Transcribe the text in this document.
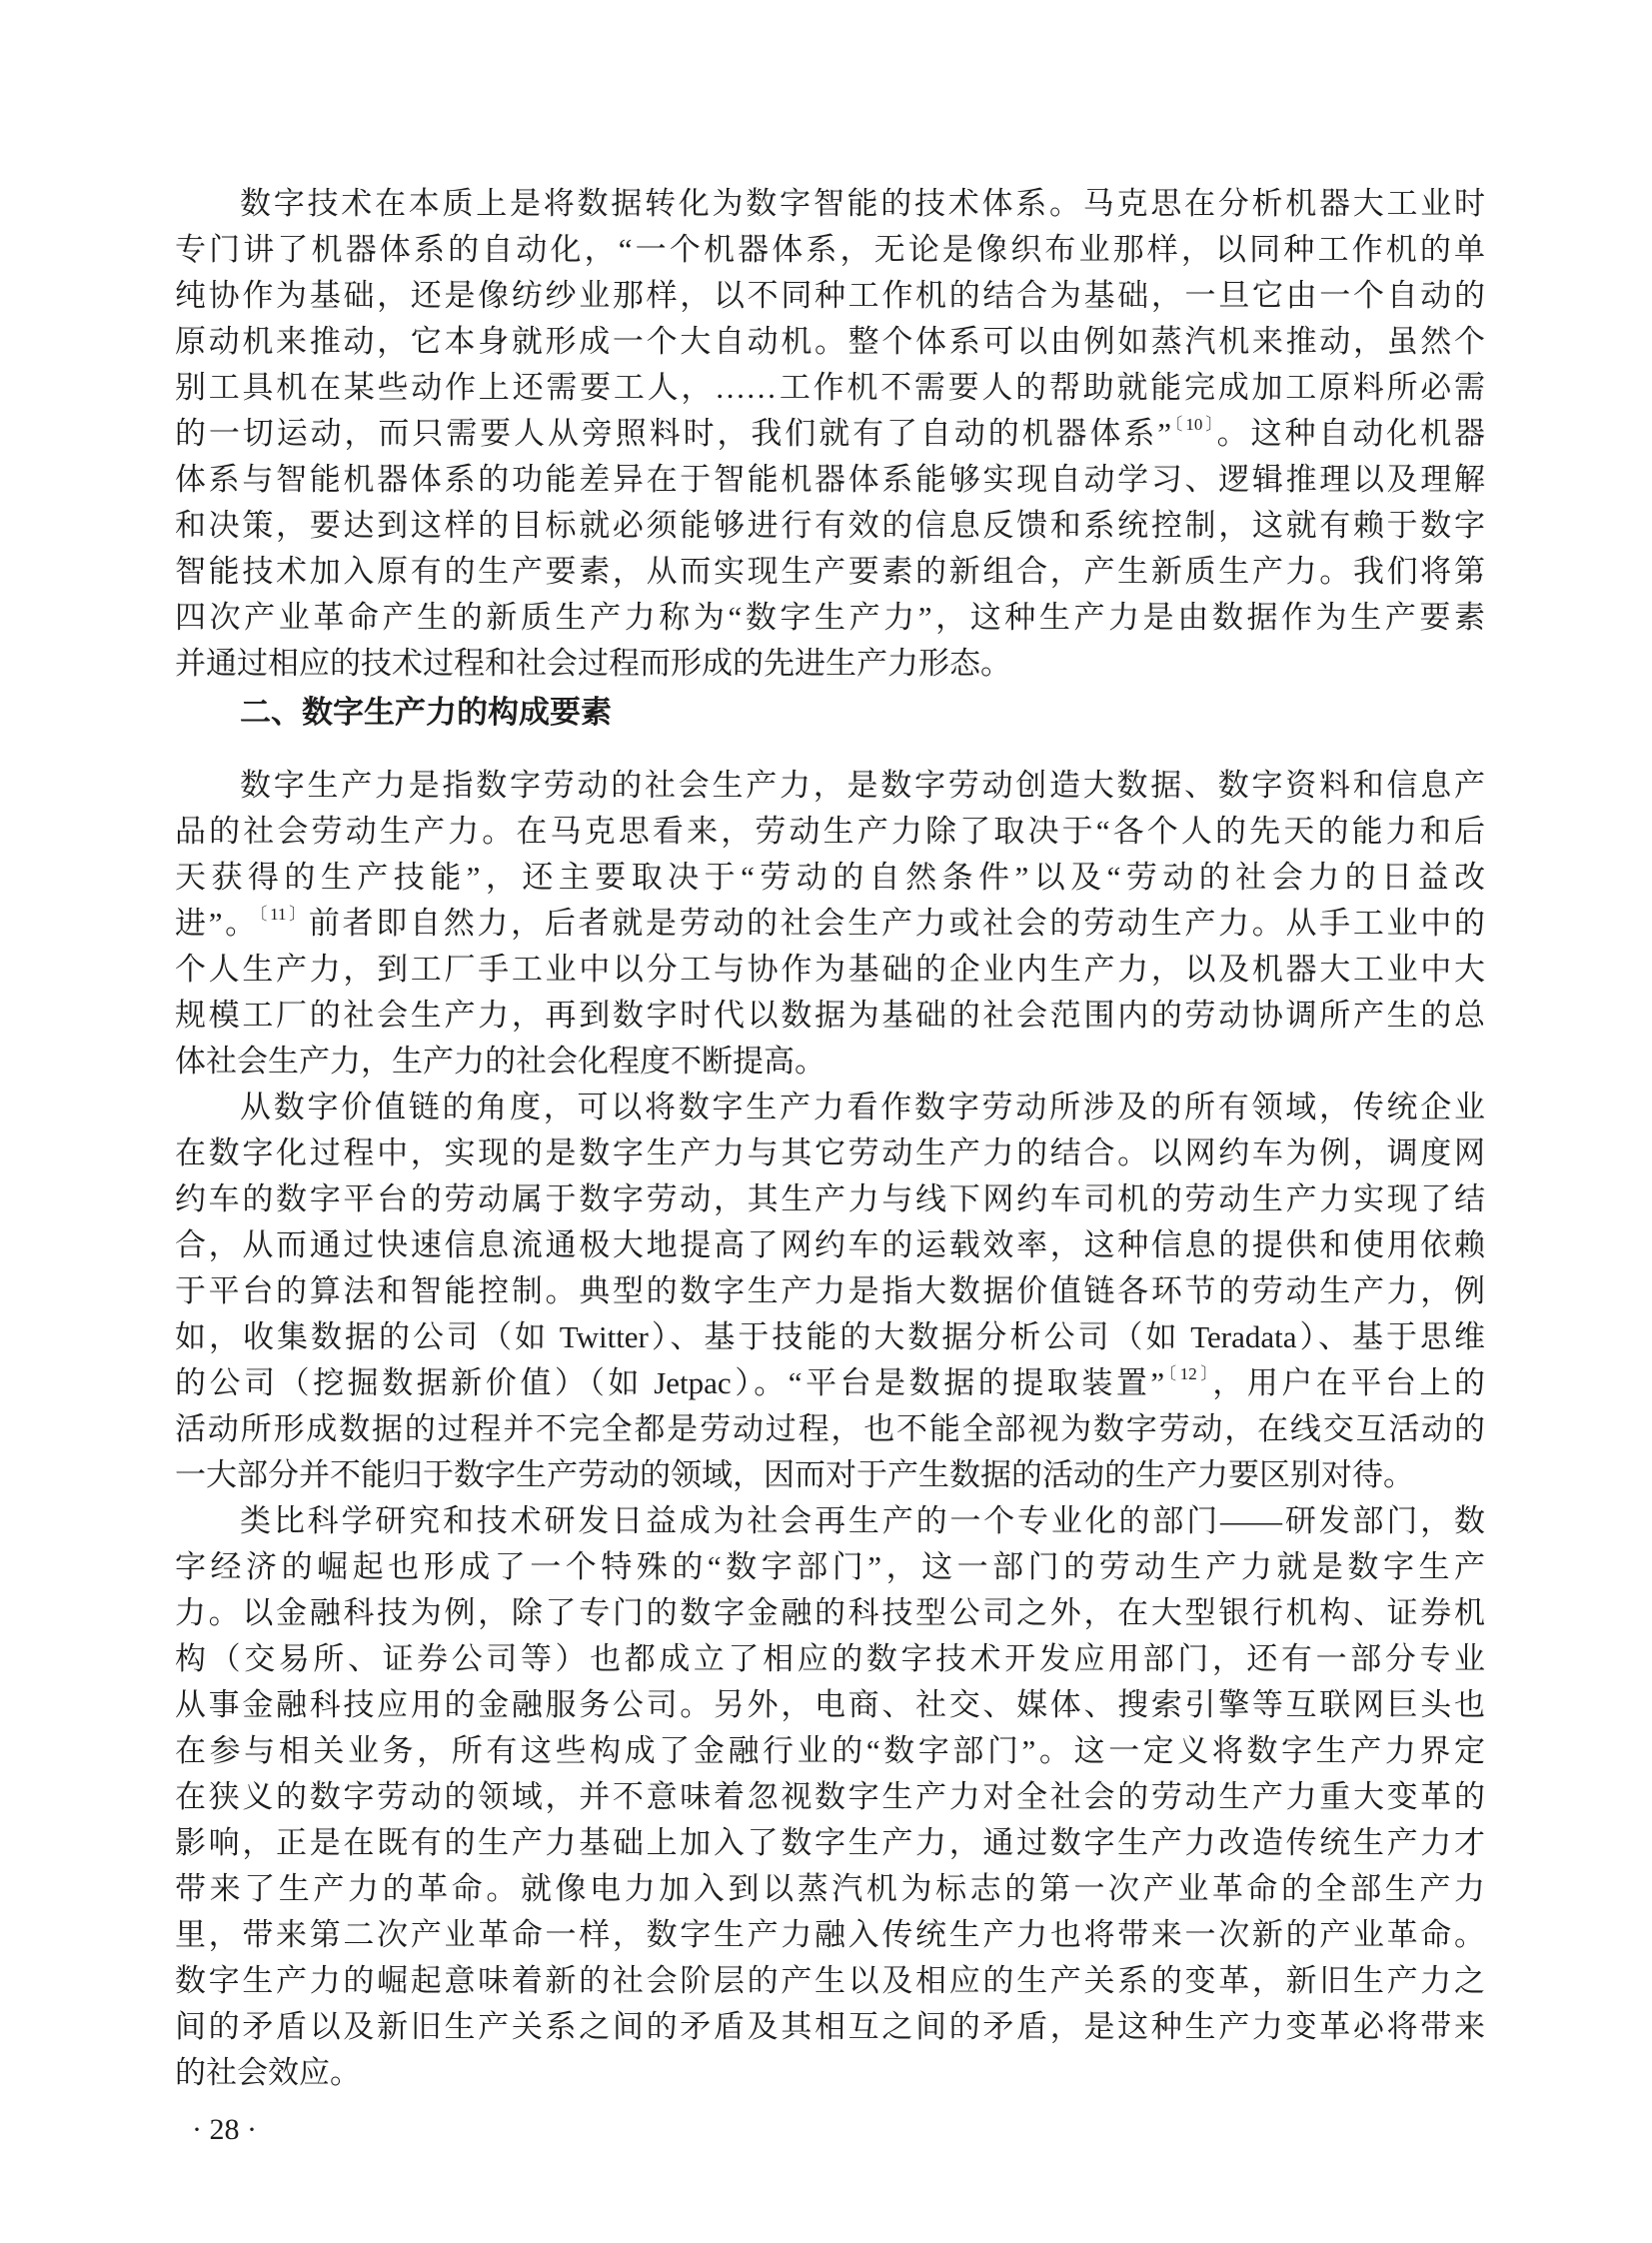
数字技术在本质上是将数据转化为数字智能的技术体系。马克思在分析机器大工业时
专门讲了机器体系的自动化，“一个机器体系，无论是像织布业那样，以同种工作机的单
纯协作为基础，还是像纺纱业那样，以不同种工作机的结合为基础，一旦它由一个自动的
原动机来推动，它本身就形成一个大自动机。整个体系可以由例如蒸汽机来推动，虽然个
别工具机在某些动作上还需要工人，……工作机不需要人的帮助就能完成加工原料所必需
的一切运动，而只需要人从旁照料时，我们就有了自动的机器体系”$^{〔10〕}$。这种自动化机器
体系与智能机器体系的功能差异在于智能机器体系能够实现自动学习、逻辑推理以及理解
和决策，要达到这样的目标就必须能够进行有效的信息反馈和系统控制，这就有赖于数字
智能技术加入原有的生产要素，从而实现生产要素的新组合，产生新质生产力。我们将第
四次产业革命产生的新质生产力称为“数字生产力”，这种生产力是由数据作为生产要素
并通过相应的技术过程和社会过程而形成的先进生产力形态。
二、数字生产力的构成要素
数字生产力是指数字劳动的社会生产力，是数字劳动创造大数据、数字资料和信息产
品的社会劳动生产力。在马克思看来，劳动生产力除了取决于“各个人的先天的能力和后
天获得的生产技能”，还主要取决于“劳动的自然条件”以及“劳动的社会力的日益改
进”。$^{〔11〕}$前者即自然力，后者就是劳动的社会生产力或社会的劳动生产力。从手工业中的
个人生产力，到工厂手工业中以分工与协作为基础的企业内生产力，以及机器大工业中大
规模工厂的社会生产力，再到数字时代以数据为基础的社会范围内的劳动协调所产生的总
体社会生产力，生产力的社会化程度不断提高。
从数字价值链的角度，可以将数字生产力看作数字劳动所涉及的所有领域，传统企业
在数字化过程中，实现的是数字生产力与其它劳动生产力的结合。以网约车为例，调度网
约车的数字平台的劳动属于数字劳动，其生产力与线下网约车司机的劳动生产力实现了结
合，从而通过快速信息流通极大地提高了网约车的运载效率，这种信息的提供和使用依赖
于平台的算法和智能控制。典型的数字生产力是指大数据价值链各环节的劳动生产力，例
如，收集数据的公司（如 Twitter）、基于技能的大数据分析公司（如 Teradata）、基于思维
的公司（挖掘数据新价值）（如 Jetpac）。“平台是数据的提取装置”$^{〔12〕}$，用户在平台上的
活动所形成数据的过程并不完全都是劳动过程，也不能全部视为数字劳动，在线交互活动的
一大部分并不能归于数字生产劳动的领域，因而对于产生数据的活动的生产力要区别对待。
类比科学研究和技术研发日益成为社会再生产的一个专业化的部门——研发部门，数
字经济的崛起也形成了一个特殊的“数字部门”，这一部门的劳动生产力就是数字生产
力。以金融科技为例，除了专门的数字金融的科技型公司之外，在大型银行机构、证券机
构（交易所、证券公司等）也都成立了相应的数字技术开发应用部门，还有一部分专业
从事金融科技应用的金融服务公司。另外，电商、社交、媒体、搜索引擎等互联网巨头也
在参与相关业务，所有这些构成了金融行业的“数字部门”。这一定义将数字生产力界定
在狭义的数字劳动的领域，并不意味着忽视数字生产力对全社会的劳动生产力重大变革的
影响，正是在既有的生产力基础上加入了数字生产力，通过数字生产力改造传统生产力才
带来了生产力的革命。就像电力加入到以蒸汽机为标志的第一次产业革命的全部生产力
里，带来第二次产业革命一样，数字生产力融入传统生产力也将带来一次新的产业革命。
数字生产力的崛起意味着新的社会阶层的产生以及相应的生产关系的变革，新旧生产力之
间的矛盾以及新旧生产关系之间的矛盾及其相互之间的矛盾，是这种生产力变革必将带来
的社会效应。
· 28 ·
